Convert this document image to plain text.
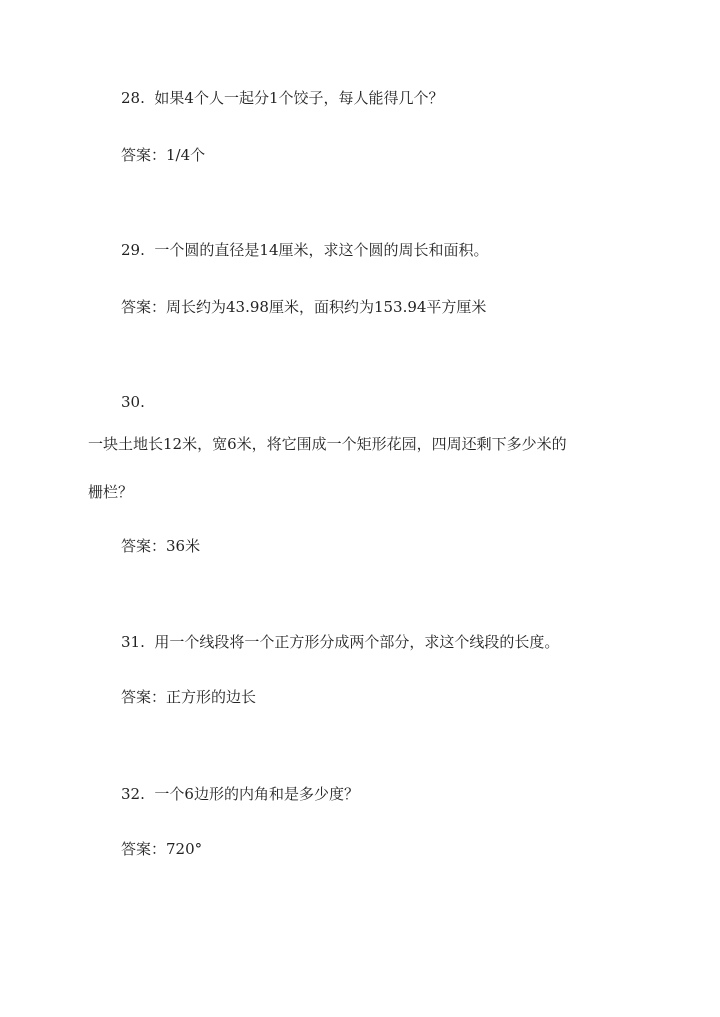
28. 如果4个人一起分1个饺子，每人能得几个？

答案：1/4个

29. 一个圆的直径是14厘米，求这个圆的周长和面积。

答案：周长约为43.98厘米，面积约为153.94平方厘米

30.

一块土地长12米，宽6米，将它围成一个矩形花园，四周还剩下多少米的

栅栏？

答案：36米

31. 用一个线段将一个正方形分成两个部分，求这个线段的长度。

答案：正方形的边长

32. 一个6边形的内角和是多少度？

答案：720°
